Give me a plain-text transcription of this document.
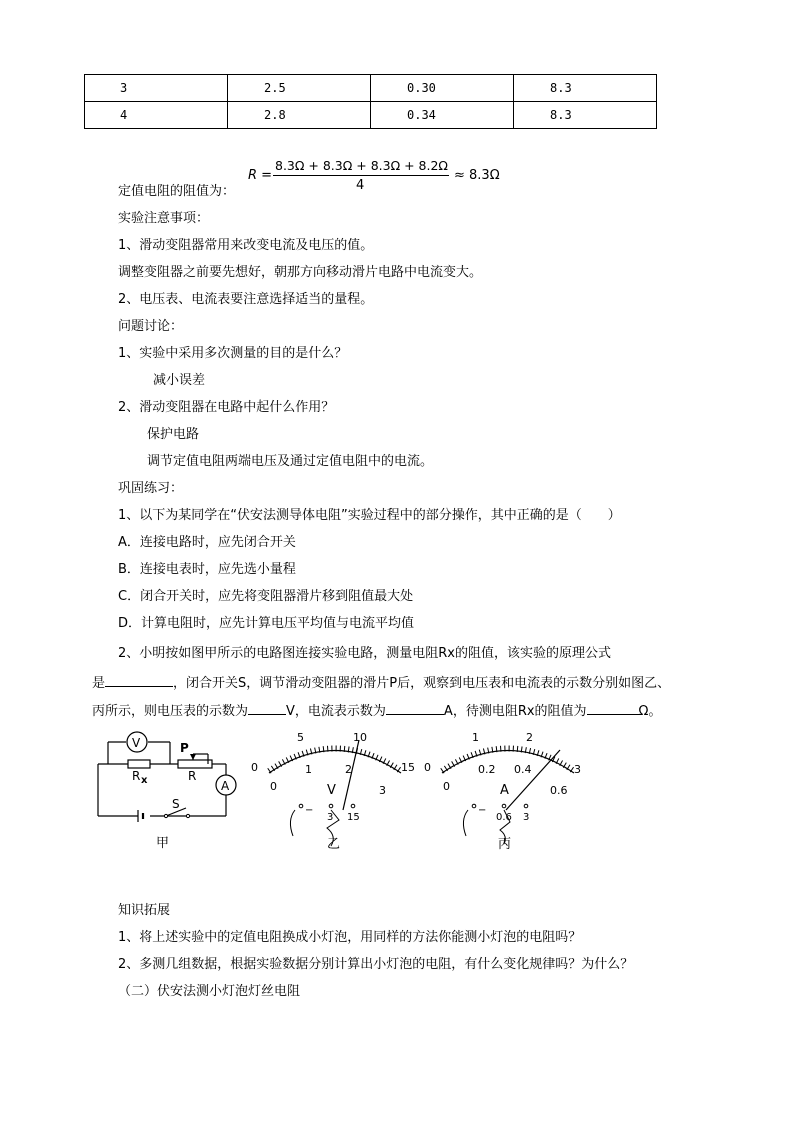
3	2.5	0.30	8.3
4	2.8	0.34	8.3
R =
8.3Ω + 8.3Ω + 8.3Ω + 8.2Ω
4
≈ 8.3Ω
定值电阻的阻值为：
实验注意事项：
1、滑动变阻器常用来改变电流及电压的值。
调整变阻器之前要先想好，朝那方向移动滑片电路中电流变大。
2、电压表、电流表要注意选择适当的量程。
问题讨论：
1、实验中采用多次测量的目的是什么？
减小误差
2、滑动变阻器在电路中起什么作用？
保护电路
调节定值电阻两端电压及通过定值电阻中的电流。
巩固练习：
1、以下为某同学在“伏安法测导体电阻”实验过程中的部分操作，其中正确的是（　　）
A．连接电路时，应先闭合开关
B．连接电表时，应先选小量程
C．闭合开关时，应先将变阻器滑片移到阻值最大处
D．计算电阻时，应先计算电压平均值与电流平均值
2、小明按如图甲所示的电路图连接实验电路，测量电阻Rx的阻值，该实验的原理公式
是	，闭合开关S，调节滑动变阻器的滑片P后，观察到电压表和电流表的示数分别如图乙、
丙所示，则电压表的示数为	V，电流表示数为	A，待测电阻Rx的阻值为	Ω。
V
A
P
R x	R
S
甲
0
5	10
15
0
1	2
3
V
−
3 15
乙
0
1	2
3
0
0.2 0.4
0.6
A
−
0.6 3
丙
知识拓展
1、将上述实验中的定值电阻换成小灯泡，用同样的方法你能测小灯泡的电阻吗？
2、多测几组数据，根据实验数据分别计算出小灯泡的电阻，有什么变化规律吗？为什么？
（二）伏安法测小灯泡灯丝电阻
